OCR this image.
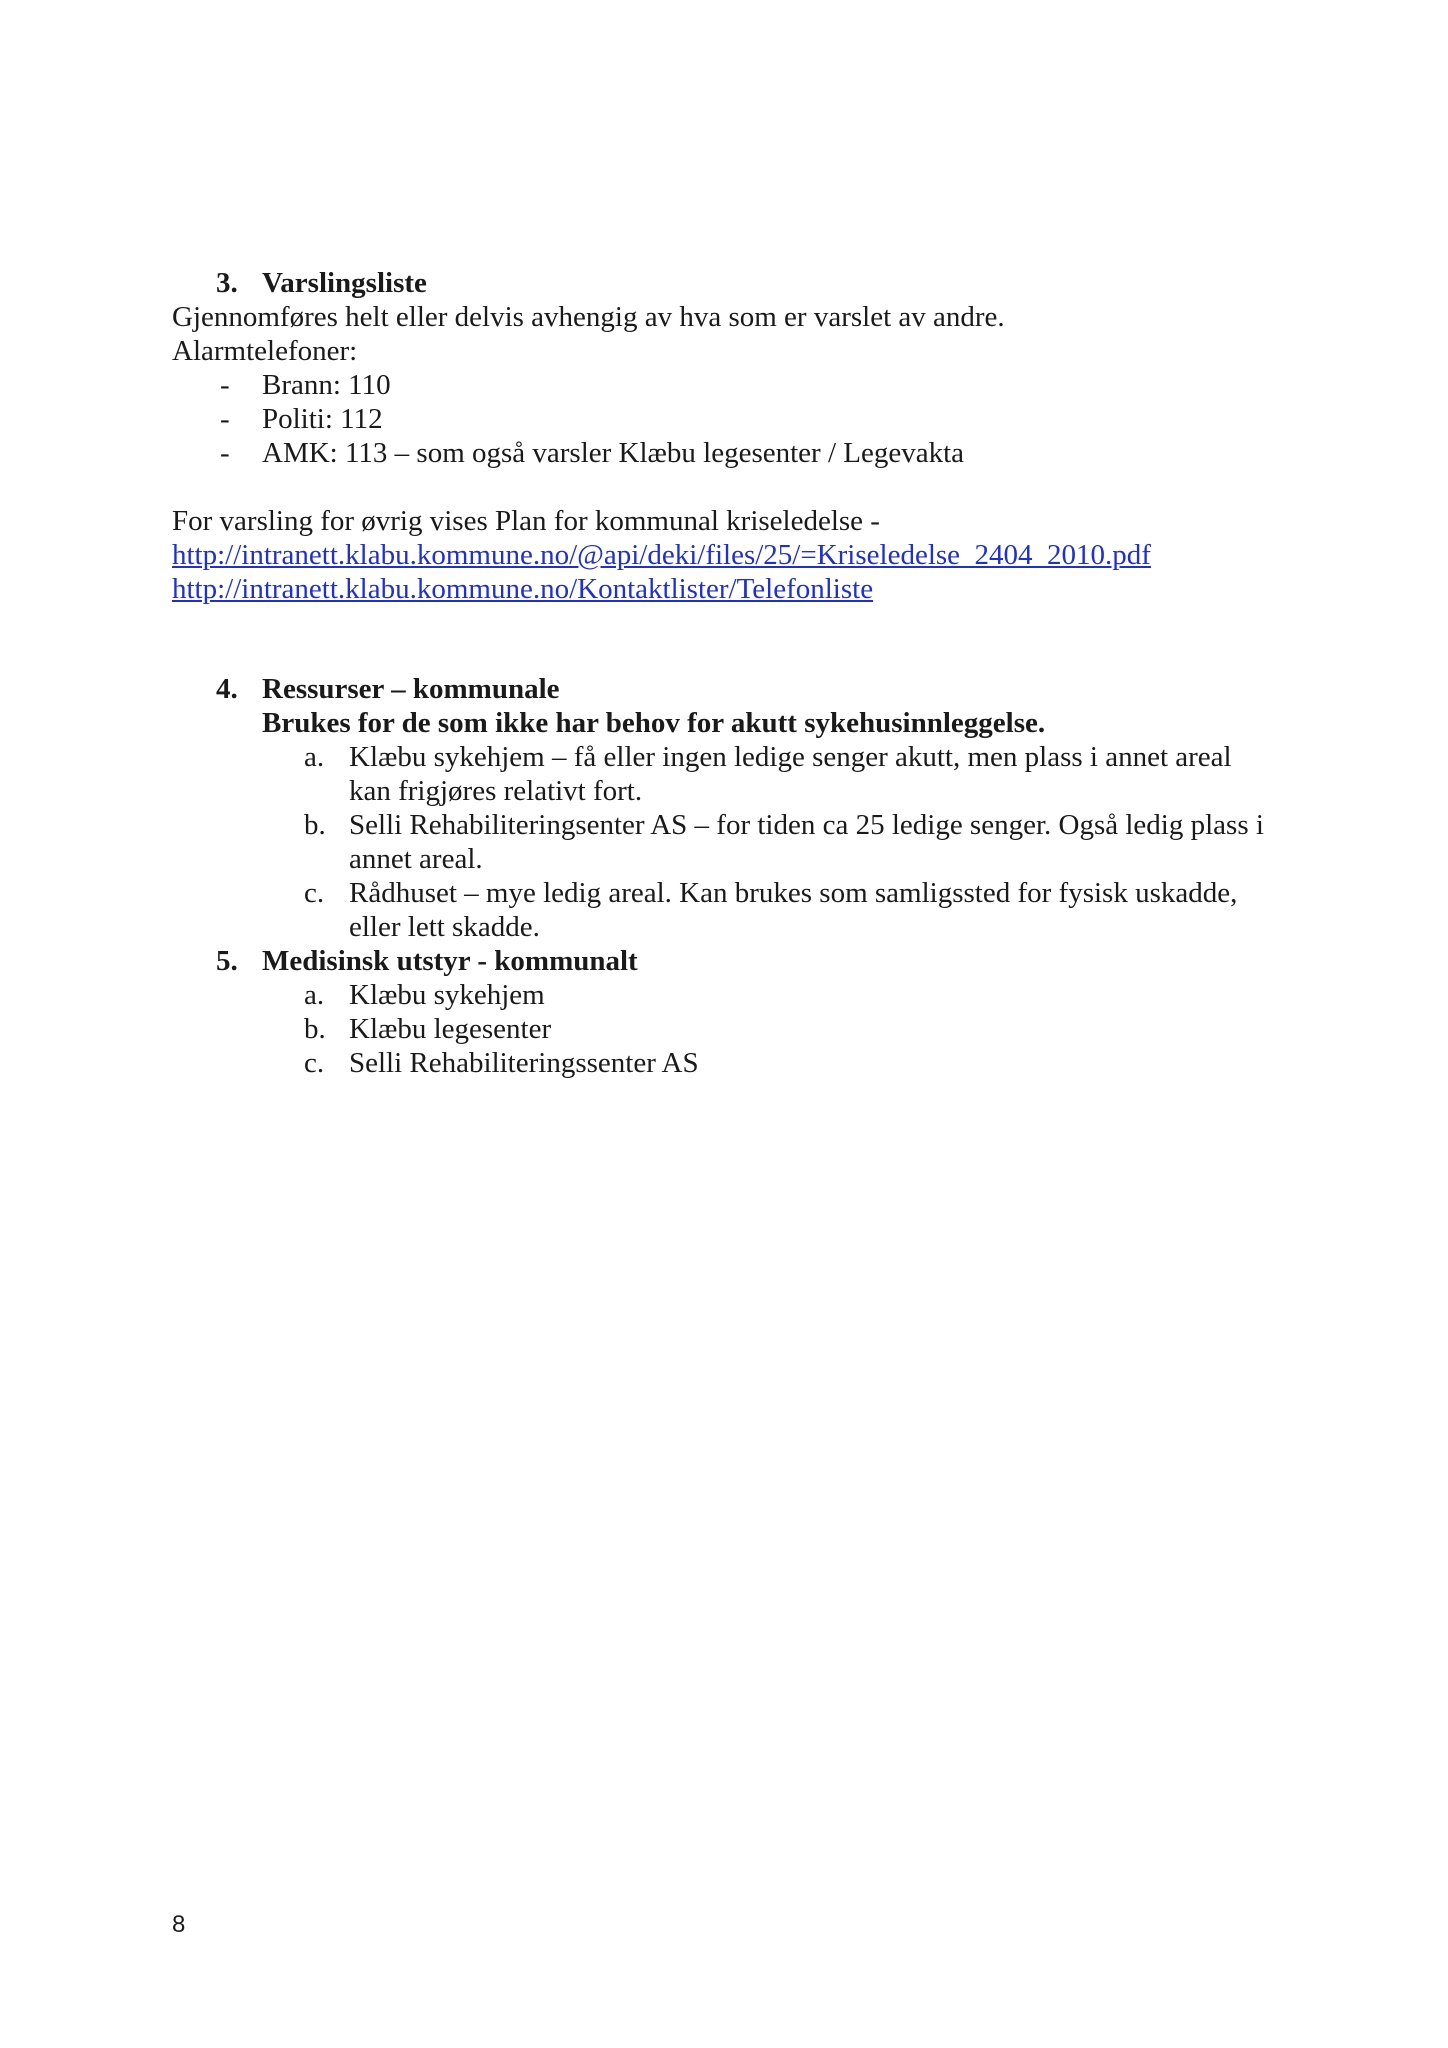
3. Varslingsliste
Gjennomføres helt eller delvis avhengig av hva som er varslet av andre.
Alarmtelefoner:
- Brann: 110
- Politi: 112
- AMK: 113 – som også varsler Klæbu legesenter / Legevakta
For varsling for øvrig vises Plan for kommunal kriseledelse -
http://intranett.klabu.kommune.no/@api/deki/files/25/=Kriseledelse_2404_2010.pdf
http://intranett.klabu.kommune.no/Kontaktlister/Telefonliste
4. Ressurser – kommunale
Brukes for de som ikke har behov for akutt sykehusinnleggelse.
a. Klæbu sykehjem – få eller ingen ledige senger akutt, men plass i annet areal
kan frigjøres relativt fort.
b. Selli Rehabiliteringsenter AS – for tiden ca 25 ledige senger. Også ledig plass i
annet areal.
c. Rådhuset – mye ledig areal. Kan brukes som samligssted for fysisk uskadde,
eller lett skadde.
5. Medisinsk utstyr - kommunalt
a. Klæbu sykehjem
b. Klæbu legesenter
c. Selli Rehabiliteringssenter AS
8
